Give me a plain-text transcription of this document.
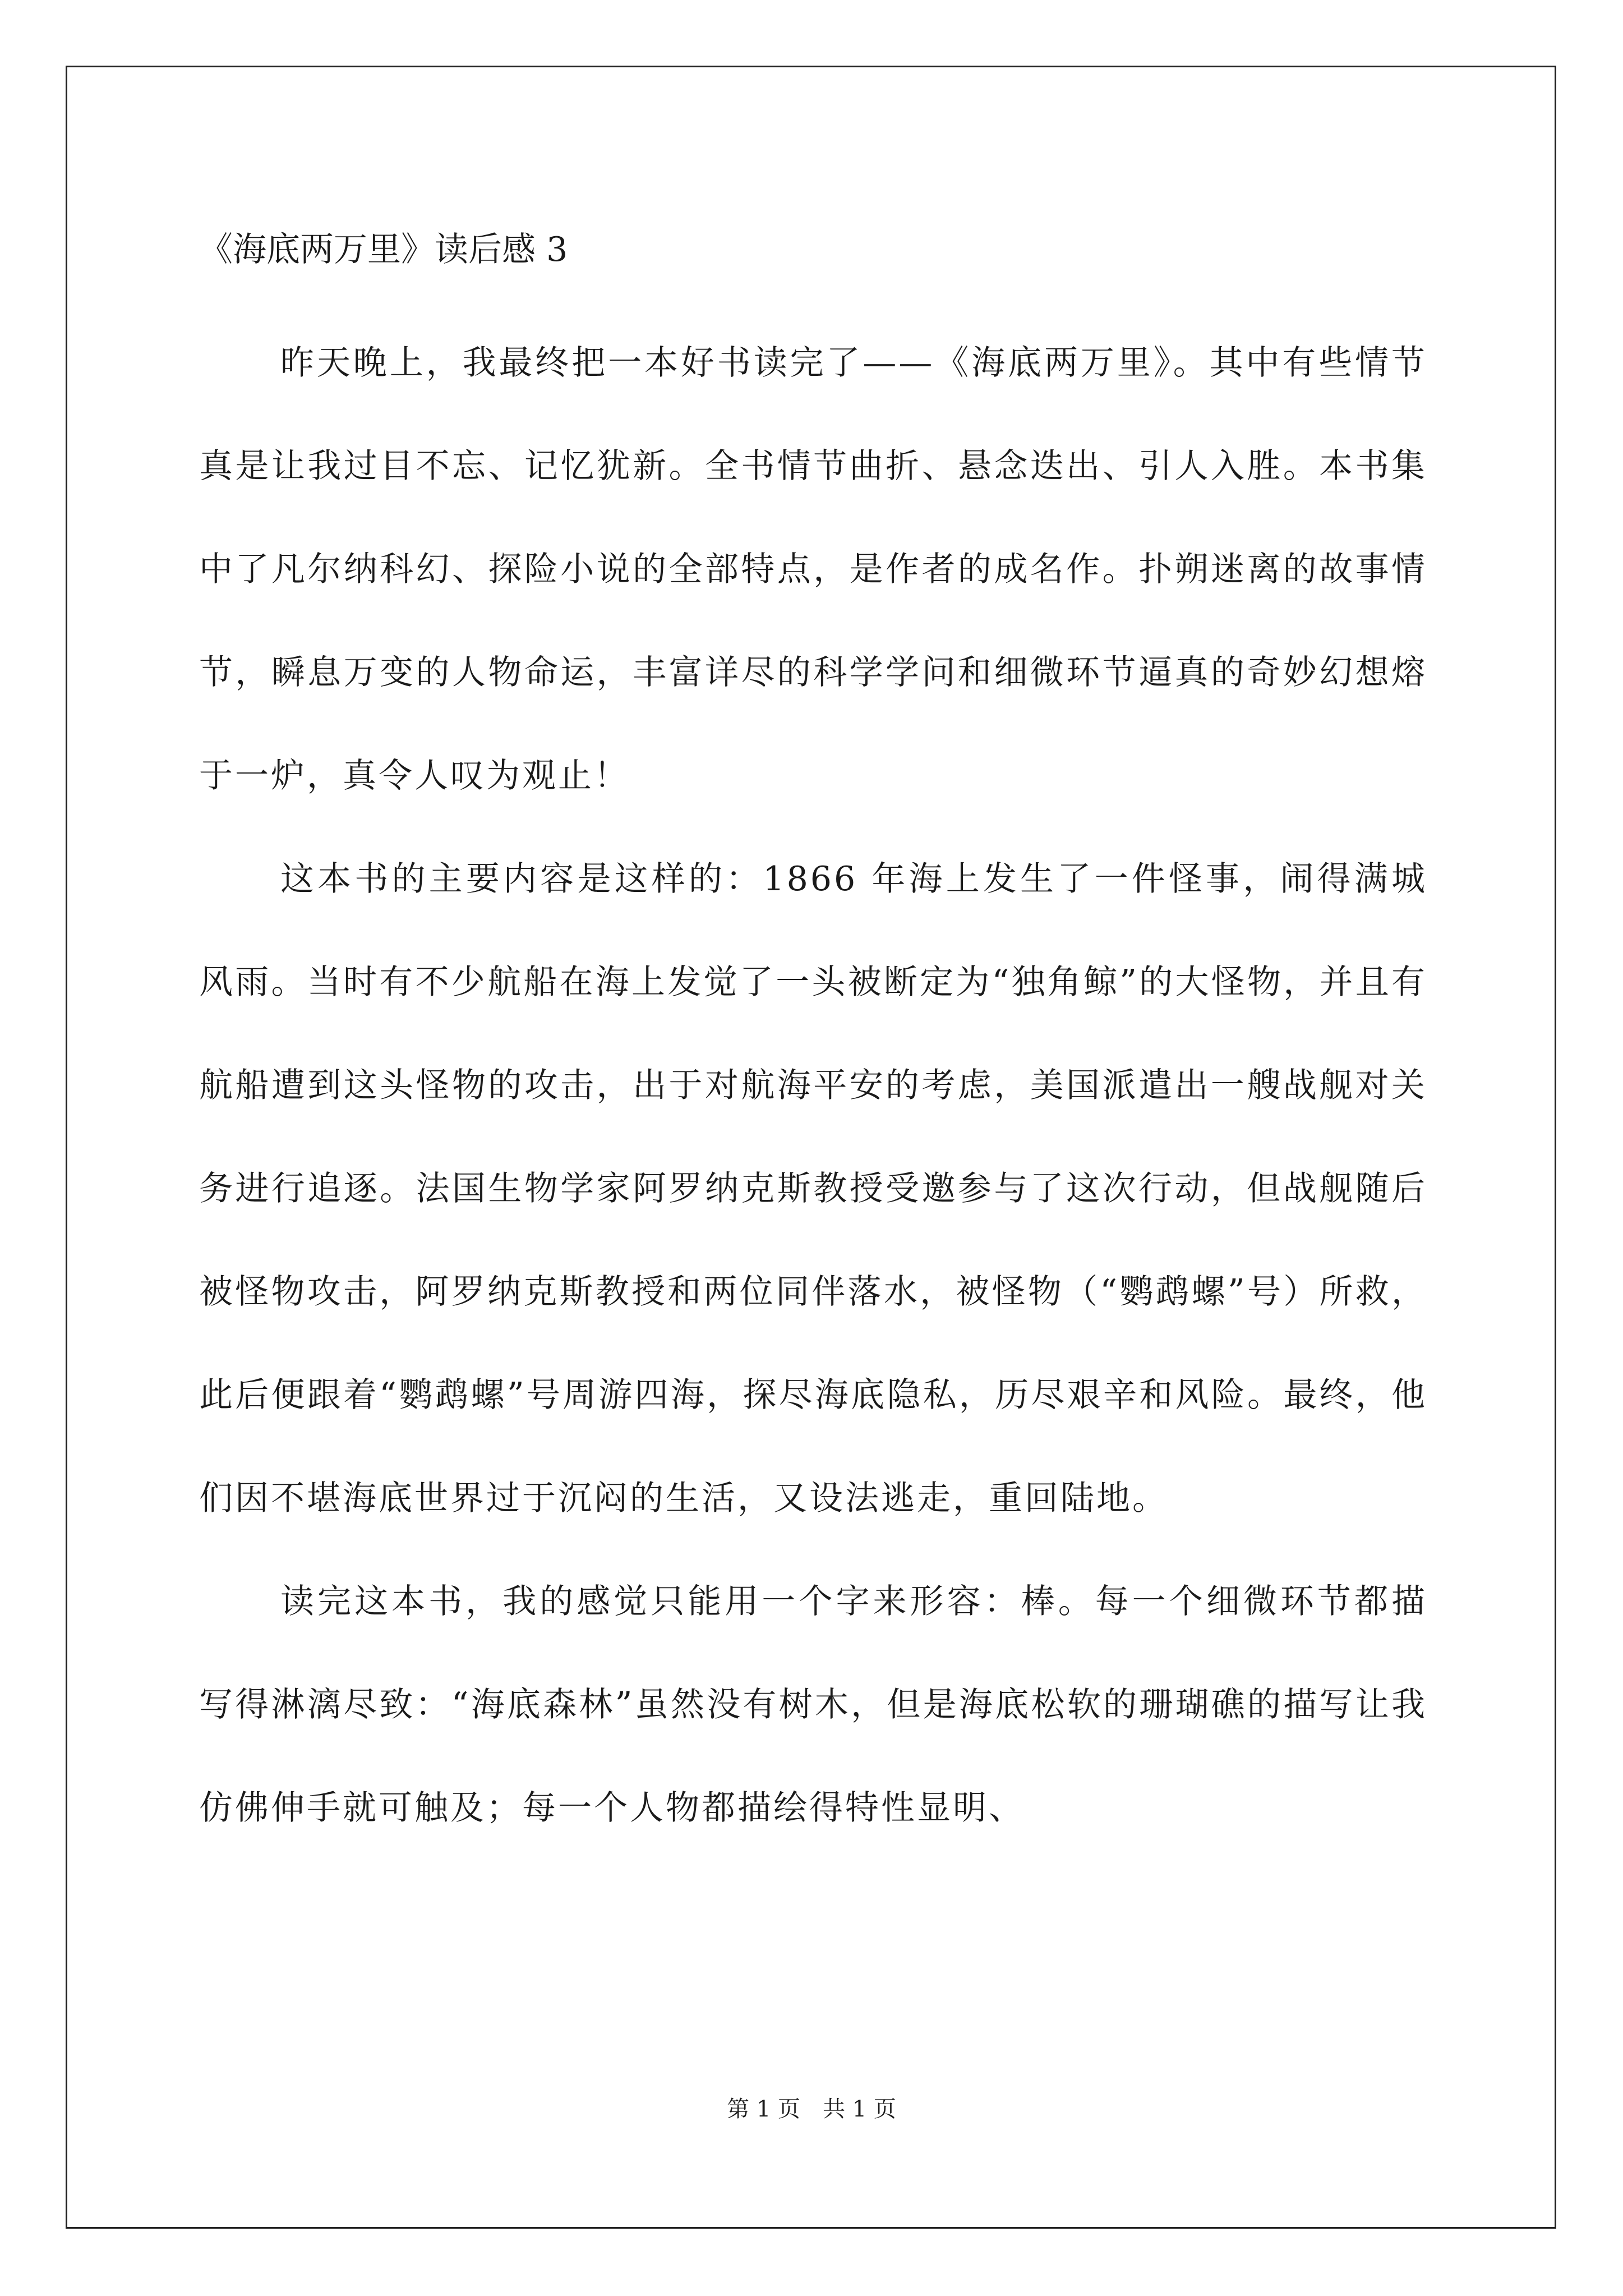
《海底两万里》读后感 3

昨天晚上，我最终把一本好书读完了——《海底两万里》。其中有些情节真是让我过目不忘、记忆犹新。全书情节曲折、悬念迭出、引人入胜。本书集中了凡尔纳科幻、探险小说的全部特点，是作者的成名作。扑朔迷离的故事情节，瞬息万变的人物命运，丰富详尽的科学学问和细微环节逼真的奇妙幻想熔于一炉，真令人叹为观止！

这本书的主要内容是这样的：1866 年海上发生了一件怪事，闹得满城风雨。当时有不少航船在海上发觉了一头被断定为“独角鲸”的大怪物，并且有航船遭到这头怪物的攻击，出于对航海平安的考虑，美国派遣出一艘战舰对关务进行追逐。法国生物学家阿罗纳克斯教授受邀参与了这次行动，但战舰随后被怪物攻击，阿罗纳克斯教授和两位同伴落水，被怪物（“鹦鹉螺”号）所救，此后便跟着“鹦鹉螺”号周游四海，探尽海底隐私，历尽艰辛和风险。最终，他们因不堪海底世界过于沉闷的生活，又设法逃走，重回陆地。

读完这本书，我的感觉只能用一个字来形容：棒。每一个细微环节都描写得淋漓尽致：“海底森林”虽然没有树木，但是海底松软的珊瑚礁的描写让我仿佛伸手就可触及；每一个人物都描绘得特性显明、

第 1 页　共 1 页
